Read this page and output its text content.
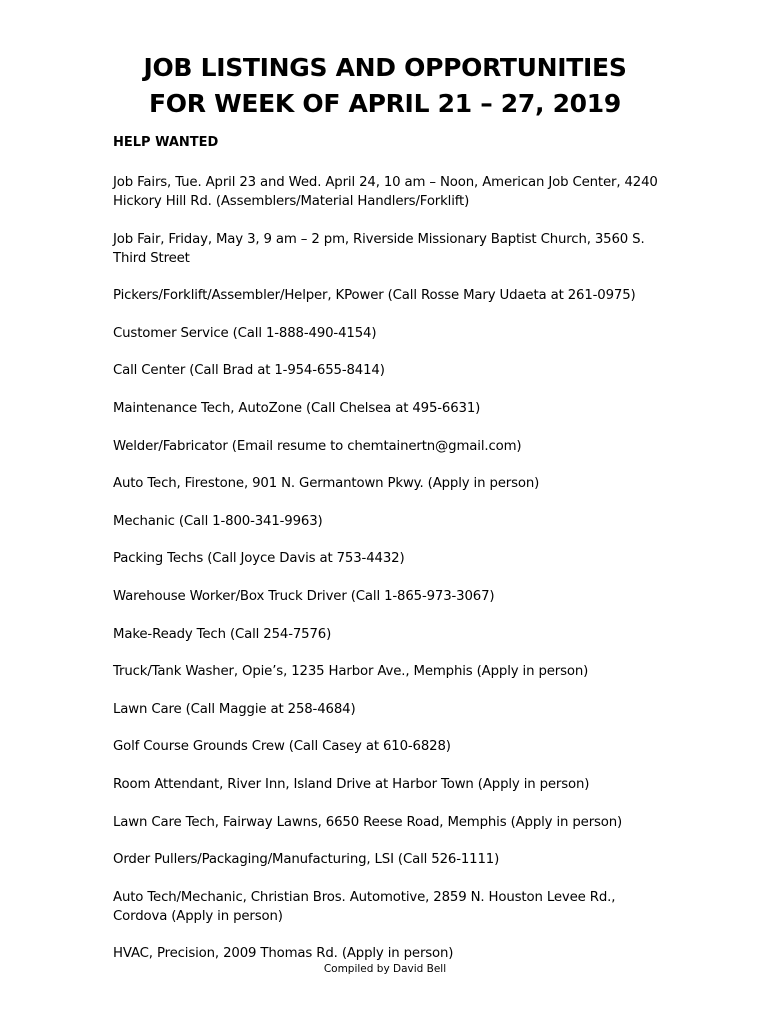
JOB LISTINGS AND OPPORTUNITIES
FOR WEEK OF APRIL 21 – 27, 2019
HELP WANTED
Job Fairs, Tue. April 23 and Wed. April 24, 10 am – Noon, American Job Center, 4240 Hickory Hill Rd. (Assemblers/Material Handlers/Forklift)
Job Fair, Friday, May 3, 9 am – 2 pm, Riverside Missionary Baptist Church, 3560 S. Third Street
Pickers/Forklift/Assembler/Helper, KPower (Call Rosse Mary Udaeta at 261-0975)
Customer Service (Call 1-888-490-4154)
Call Center (Call Brad at 1-954-655-8414)
Maintenance Tech, AutoZone (Call Chelsea at 495-6631)
Welder/Fabricator (Email resume to chemtainertn@gmail.com)
Auto Tech, Firestone, 901 N. Germantown Pkwy. (Apply in person)
Mechanic (Call 1-800-341-9963)
Packing Techs (Call Joyce Davis at 753-4432)
Warehouse Worker/Box Truck Driver (Call 1-865-973-3067)
Make-Ready Tech (Call 254-7576)
Truck/Tank Washer, Opie’s, 1235 Harbor Ave., Memphis (Apply in person)
Lawn Care (Call Maggie at 258-4684)
Golf Course Grounds Crew (Call Casey at 610-6828)
Room Attendant, River Inn, Island Drive at Harbor Town (Apply in person)
Lawn Care Tech, Fairway Lawns, 6650 Reese Road, Memphis (Apply in person)
Order Pullers/Packaging/Manufacturing, LSI (Call 526-1111)
Auto Tech/Mechanic, Christian Bros. Automotive, 2859 N. Houston Levee Rd., Cordova (Apply in person)
HVAC, Precision, 2009 Thomas Rd. (Apply in person)
Compiled by David Bell
